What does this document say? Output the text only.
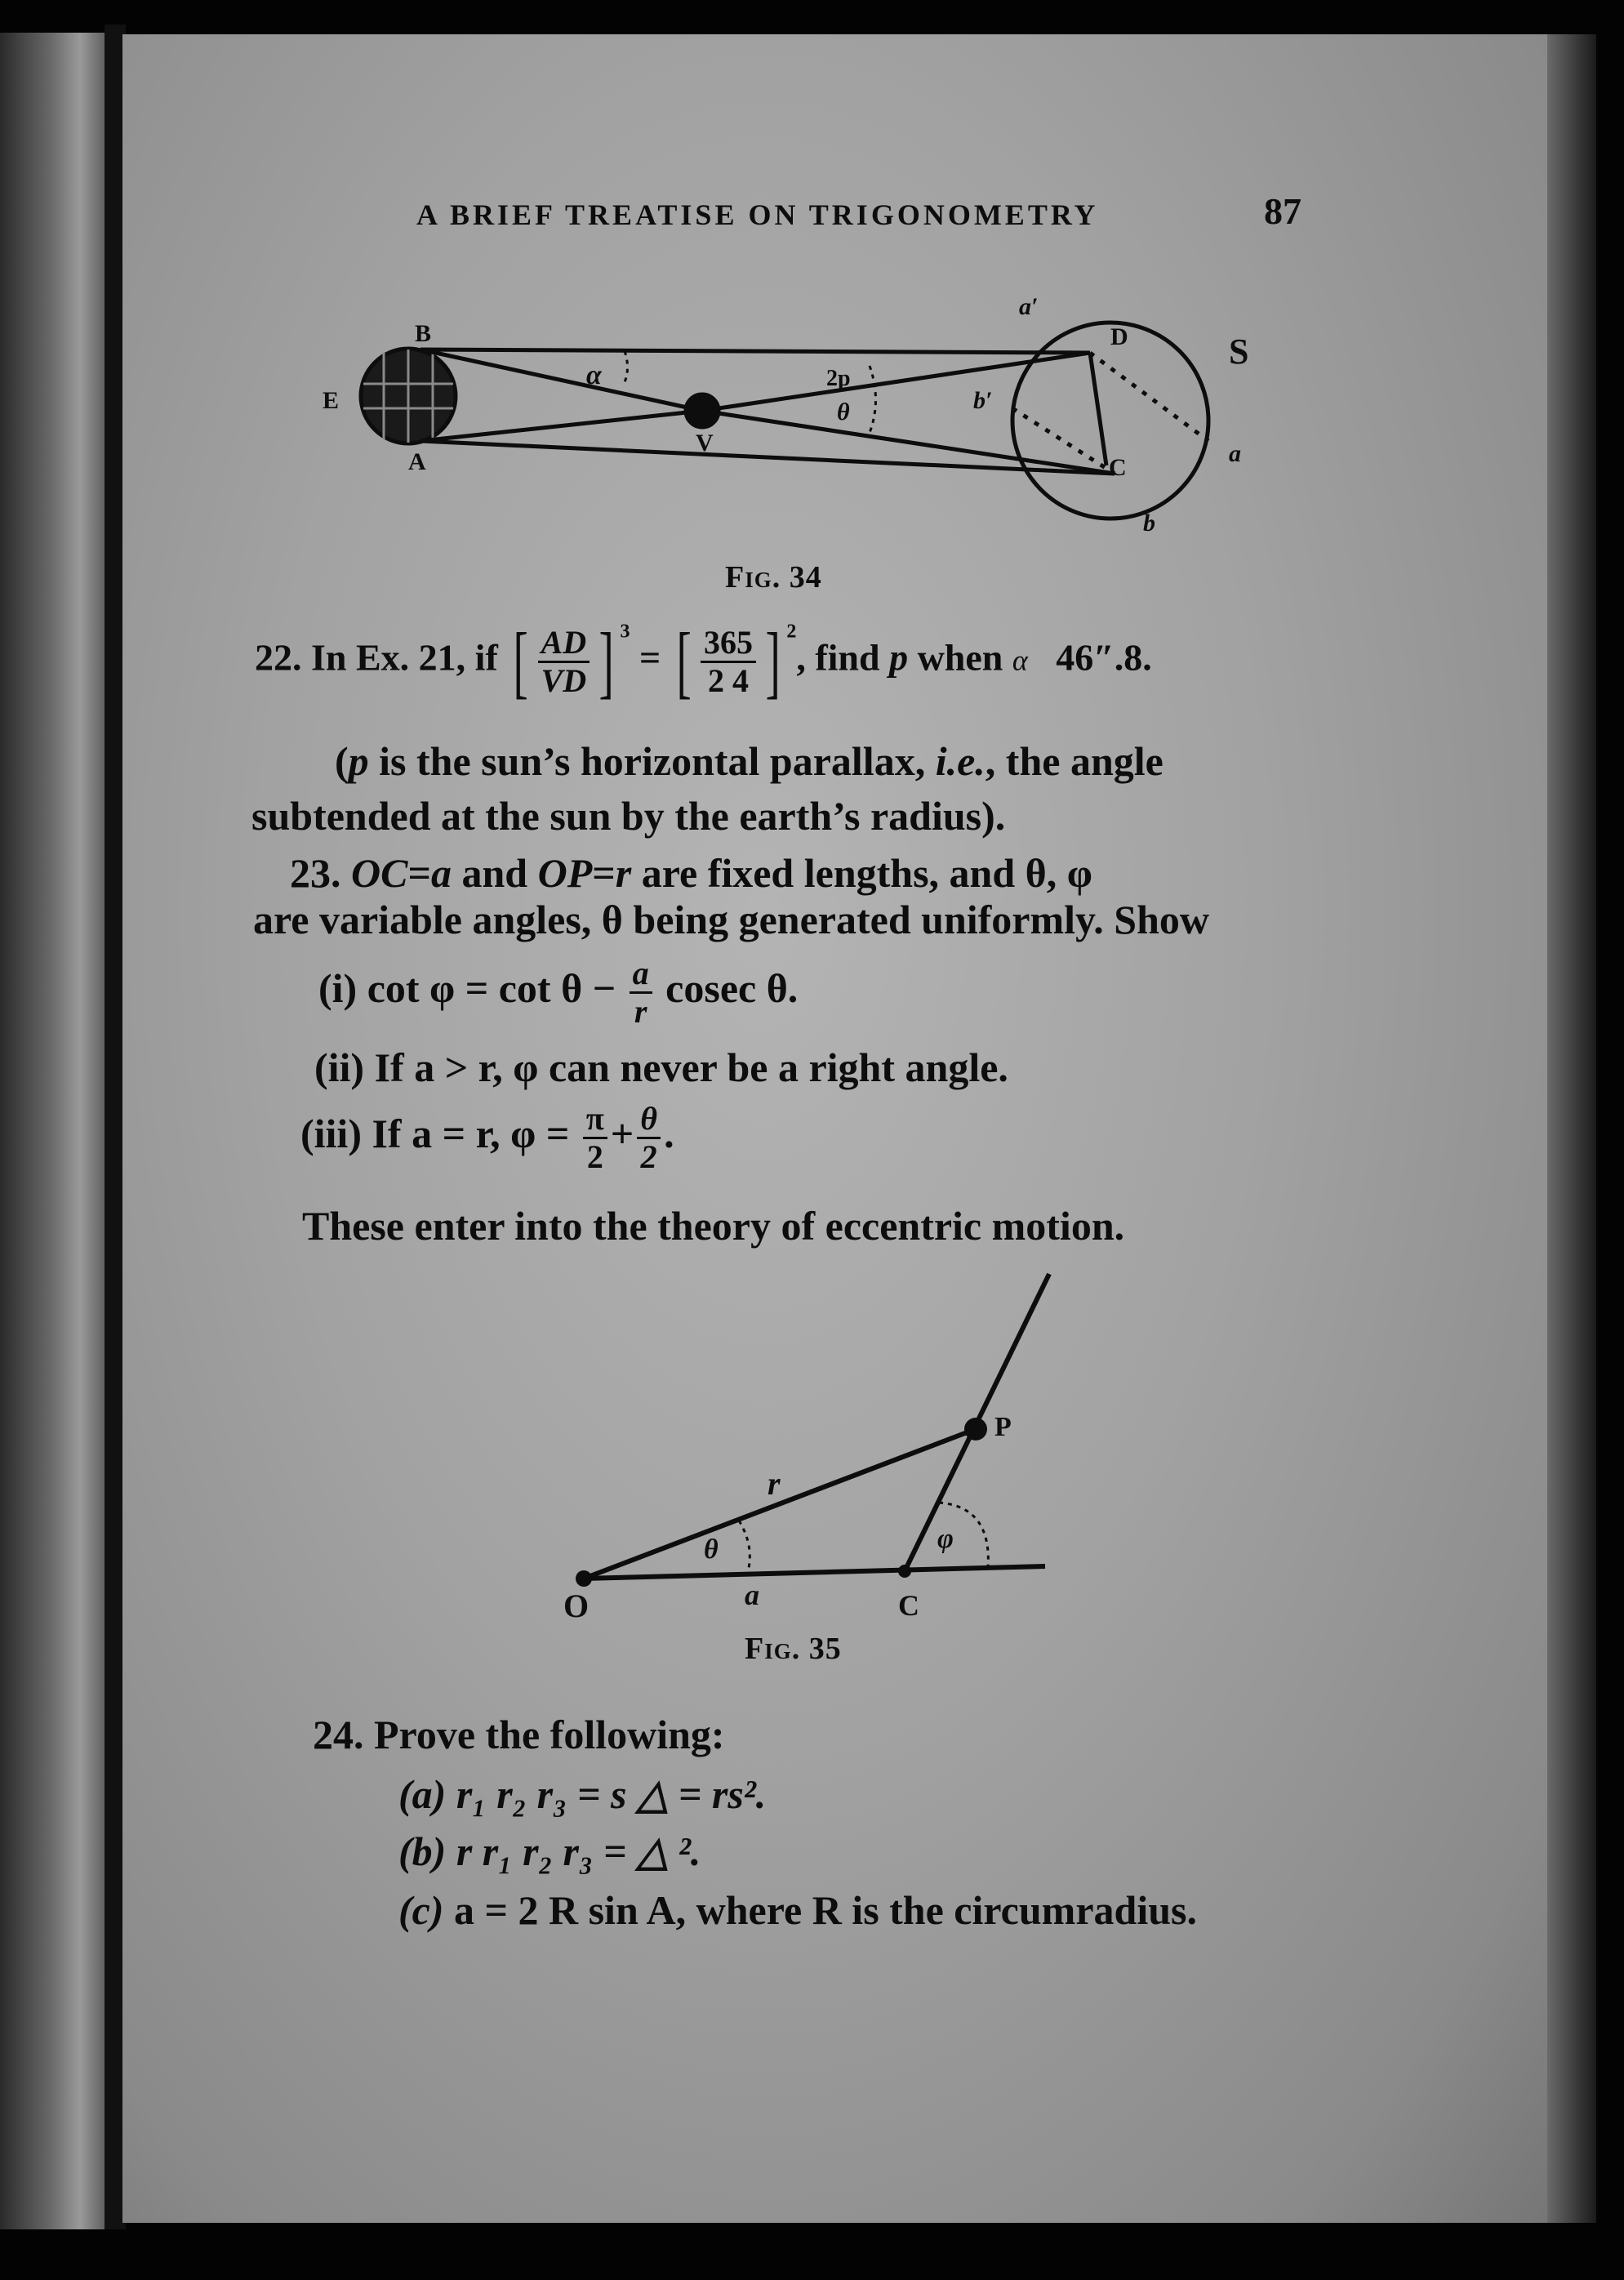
A BRIEF TREATISE ON TRIGONOMETRY	87
B
E
A
V
α	2p
θ
a′
b′
D	S
C
a
b
Fig. 34
22. In Ex. 21, if [ $\frac{AD}{VD}$ ] $^3$ = [ $\frac{365}{2 4}$ ] $^2$, find p when α 46″.8.
(p is the sun’s horizontal parallax, i.e., the angle
subtended at the sun by the earth’s radius).
23. OC=a and OP=r are fixed lengths, and θ, φ
are variable angles, θ being generated uniformly. Show
(i) $\cot \varphi = \cot \theta - \frac{a}{r}$ cosec θ.
(ii) If a > r, φ can never be a right angle.
(iii) If a = r, $\varphi = \frac{\pi}{2} + \frac{\theta}{2}$ .
These enter into the theory of eccentric motion.
O	C
P
r
a
θ	φ
Fig. 35
24. Prove the following:
(a) r₁ r₂ r₃ = s △ = rs².
(b) r r₁ r₂ r₃ = △ ².
(c) a = 2 R sin A, where R is the circumradius.
